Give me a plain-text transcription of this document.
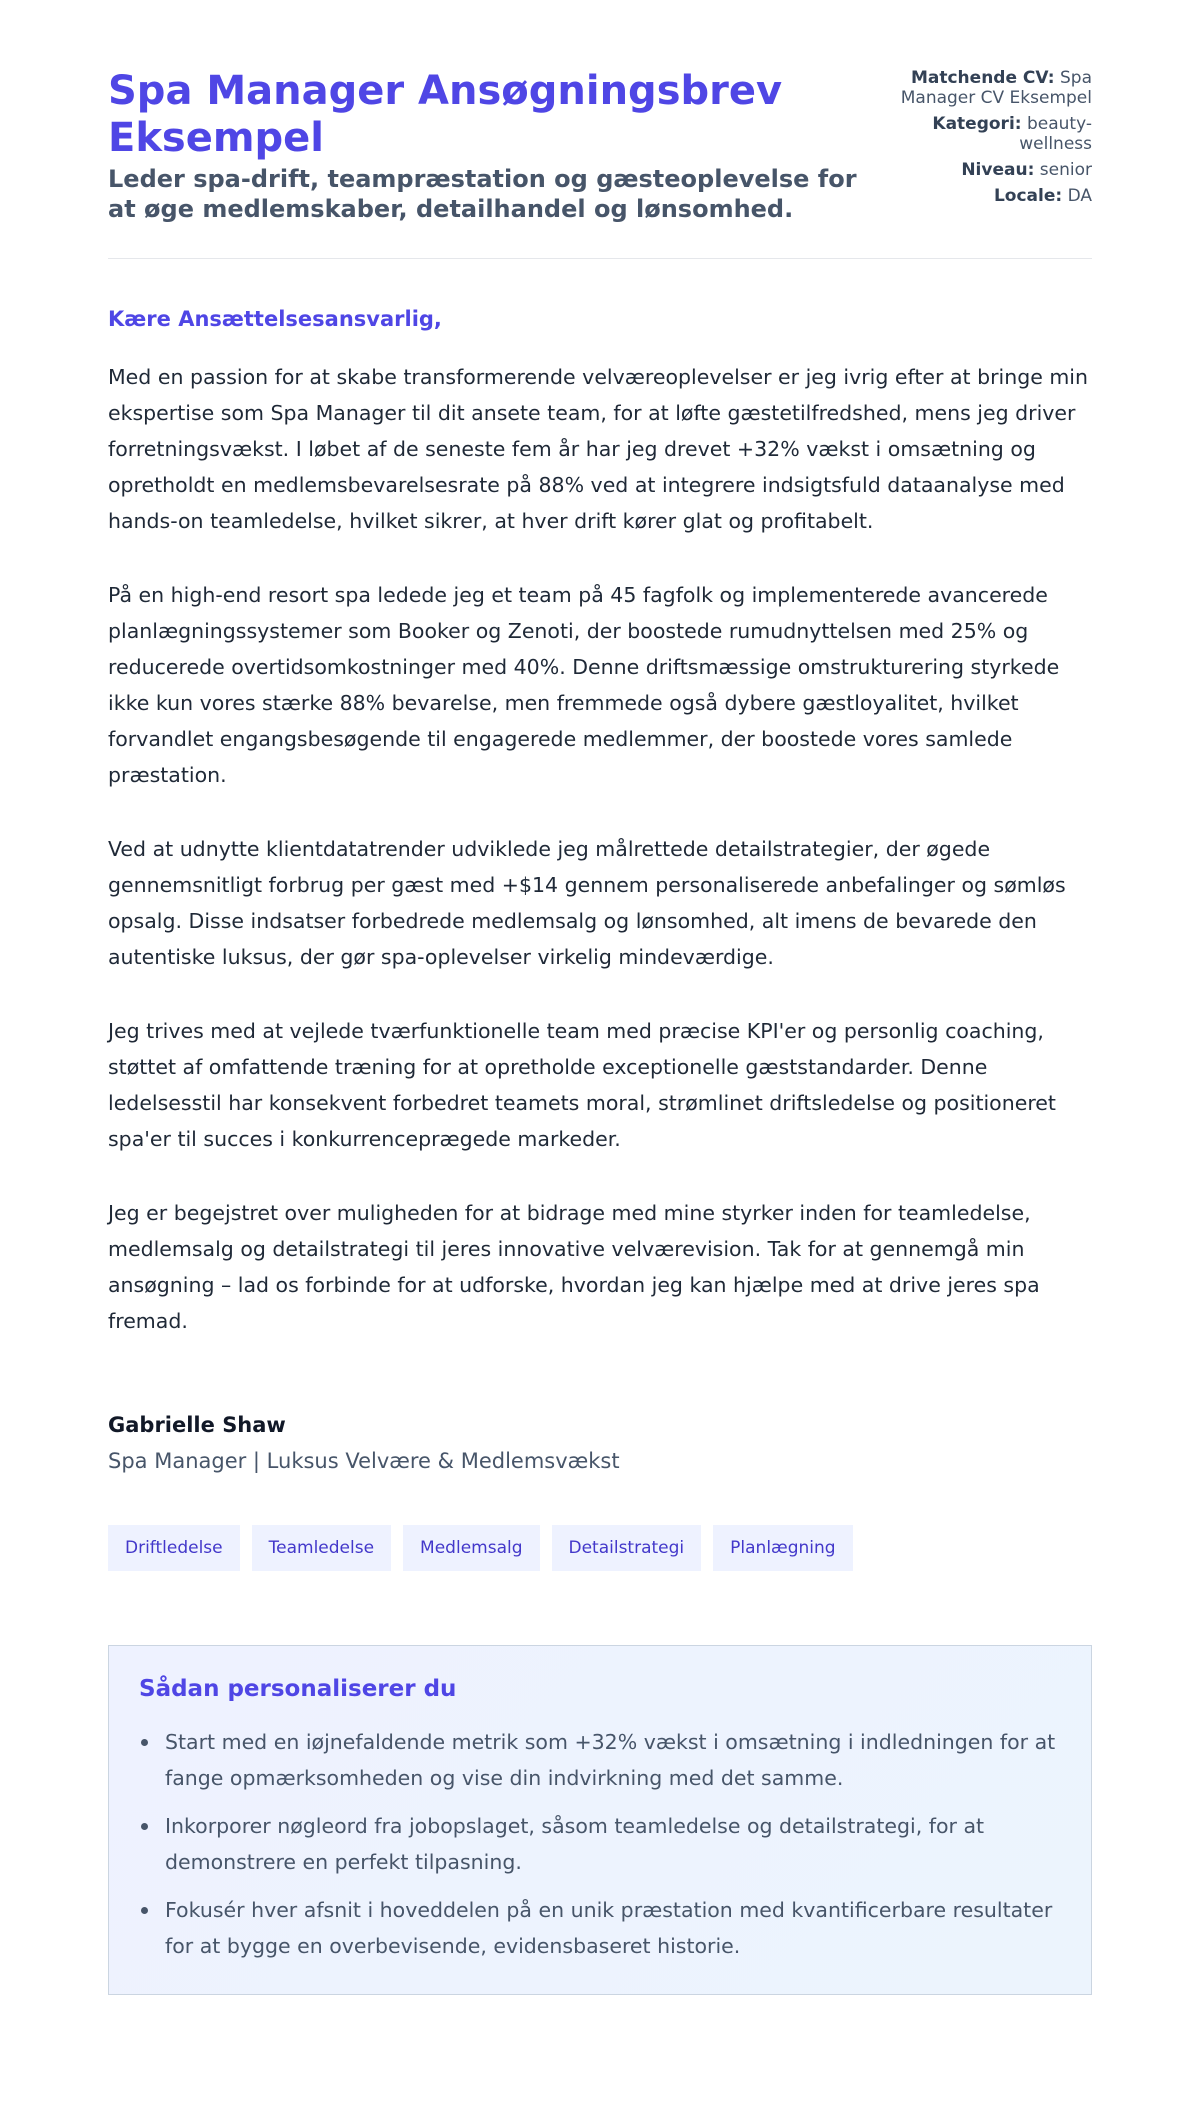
Spa Manager Ansøgningsbrev Eksempel
Leder spa-drift, teampræstation og gæsteoplevelse for at øge medlemskaber, detailhandel og lønsomhed.
Matchende CV: Spa Manager CV Eksempel
Kategori: beauty-wellness
Niveau: senior
Locale: DA

Kære Ansættelsesansvarlig,

Med en passion for at skabe transformerende velværeoplevelser er jeg ivrig efter at bringe min ekspertise som Spa Manager til dit ansete team, for at løfte gæstetilfredshed, mens jeg driver forretningsvækst. I løbet af de seneste fem år har jeg drevet +32% vækst i omsætning og opretholdt en medlemsbevarelsesrate på 88% ved at integrere indsigtsfuld dataanalyse med hands-on teamledelse, hvilket sikrer, at hver drift kører glat og profitabelt.

På en high-end resort spa ledede jeg et team på 45 fagfolk og implementerede avancerede planlægningssystemer som Booker og Zenoti, der boostede rumudnyttelsen med 25% og reducerede overtidsomkostninger med 40%. Denne driftsmæssige omstrukturering styrkede ikke kun vores stærke 88% bevarelse, men fremmede også dybere gæstloyalitet, hvilket forvandlet engangsbesøgende til engagerede medlemmer, der boostede vores samlede præstation.

Ved at udnytte klientdatatrender udviklede jeg målrettede detailstrategier, der øgede gennemsnitligt forbrug per gæst med +$14 gennem personaliserede anbefalinger og sømløs opsalg. Disse indsatser forbedrede medlemsalg og lønsomhed, alt imens de bevarede den autentiske luksus, der gør spa-oplevelser virkelig mindeværdige.

Jeg trives med at vejlede tværfunktionelle team med præcise KPI'er og personlig coaching, støttet af omfattende træning for at opretholde exceptionelle gæststandarder. Denne ledelsesstil har konsekvent forbedret teamets moral, strømlinet driftsledelse og positioneret spa'er til succes i konkurrenceprægede markeder.

Jeg er begejstret over muligheden for at bidrage med mine styrker inden for teamledelse, medlemsalg og detailstrategi til jeres innovative velværevision. Tak for at gennemgå min ansøgning – lad os forbinde for at udforske, hvordan jeg kan hjælpe med at drive jeres spa fremad.

Gabrielle Shaw

Spa Manager | Luksus Velvære & Medlemsvækst

Driftledelse	Teamledelse	Medlemsalg	Detailstrategi	Planlægning
Sådan personaliserer du
Start med en iøjnefaldende metrik som +32% vækst i omsætning i indledningen for at fange opmærksomheden og vise din indvirkning med det samme.
Inkorporer nøgleord fra jobopslaget, såsom teamledelse og detailstrategi, for at demonstrere en perfekt tilpasning.
Fokusér hver afsnit i hoveddelen på en unik præstation med kvantificerbare resultater for at bygge en overbevisende, evidensbaseret historie.
